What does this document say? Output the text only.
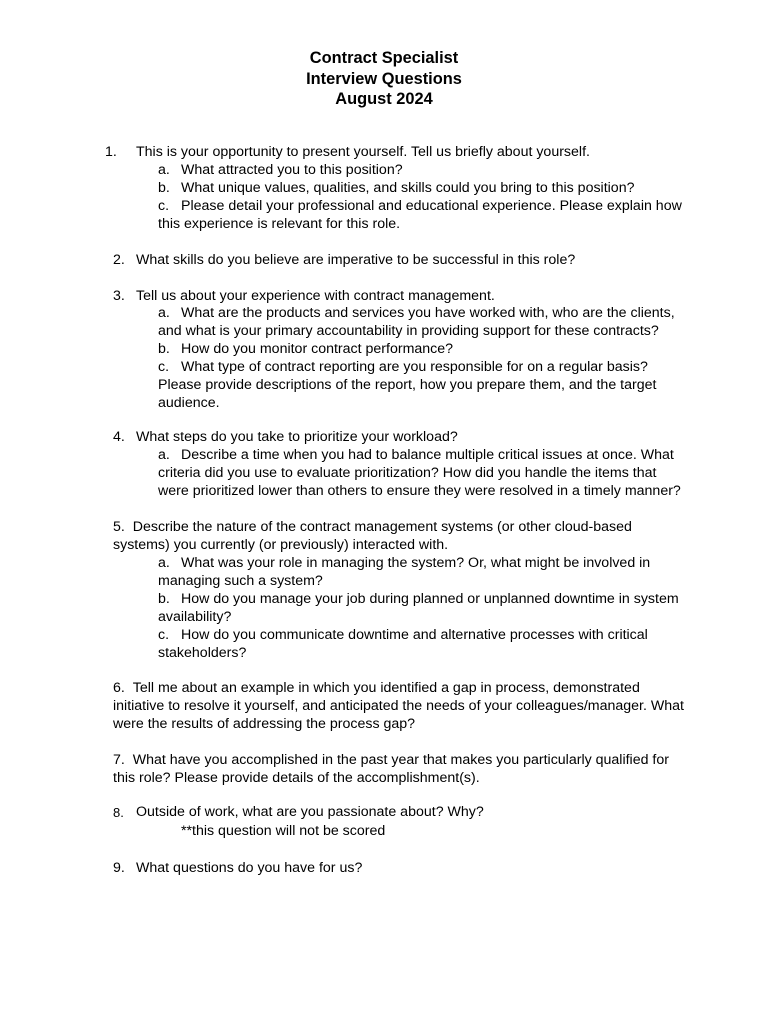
Contract Specialist
Interview Questions
August 2024
1. This is your opportunity to present yourself. Tell us briefly about yourself.
a. What attracted you to this position?
b. What unique values, qualities, and skills could you bring to this position?
c. Please detail your professional and educational experience. Please explain how
this experience is relevant for this role.
2. What skills do you believe are imperative to be successful in this role?
3. Tell us about your experience with contract management.
a. What are the products and services you have worked with, who are the clients,
and what is your primary accountability in providing support for these contracts?
b. How do you monitor contract performance?
c. What type of contract reporting are you responsible for on a regular basis?
Please provide descriptions of the report, how you prepare them, and the target
audience.
4. What steps do you take to prioritize your workload?
a. Describe a time when you had to balance multiple critical issues at once. What
criteria did you use to evaluate prioritization? How did you handle the items that
were prioritized lower than others to ensure they were resolved in a timely manner?
5. Describe the nature of the contract management systems (or other cloud-based
systems) you currently (or previously) interacted with.
a. What was your role in managing the system? Or, what might be involved in
managing such a system?
b. How do you manage your job during planned or unplanned downtime in system
availability?
c. How do you communicate downtime and alternative processes with critical
stakeholders?
6. Tell me about an example in which you identified a gap in process, demonstrated
initiative to resolve it yourself, and anticipated the needs of your colleagues/manager. What
were the results of addressing the process gap?
7. What have you accomplished in the past year that makes you particularly qualified for
this role? Please provide details of the accomplishment(s).
8. Outside of work, what are you passionate about? Why?
**this question will not be scored
9. What questions do you have for us?
